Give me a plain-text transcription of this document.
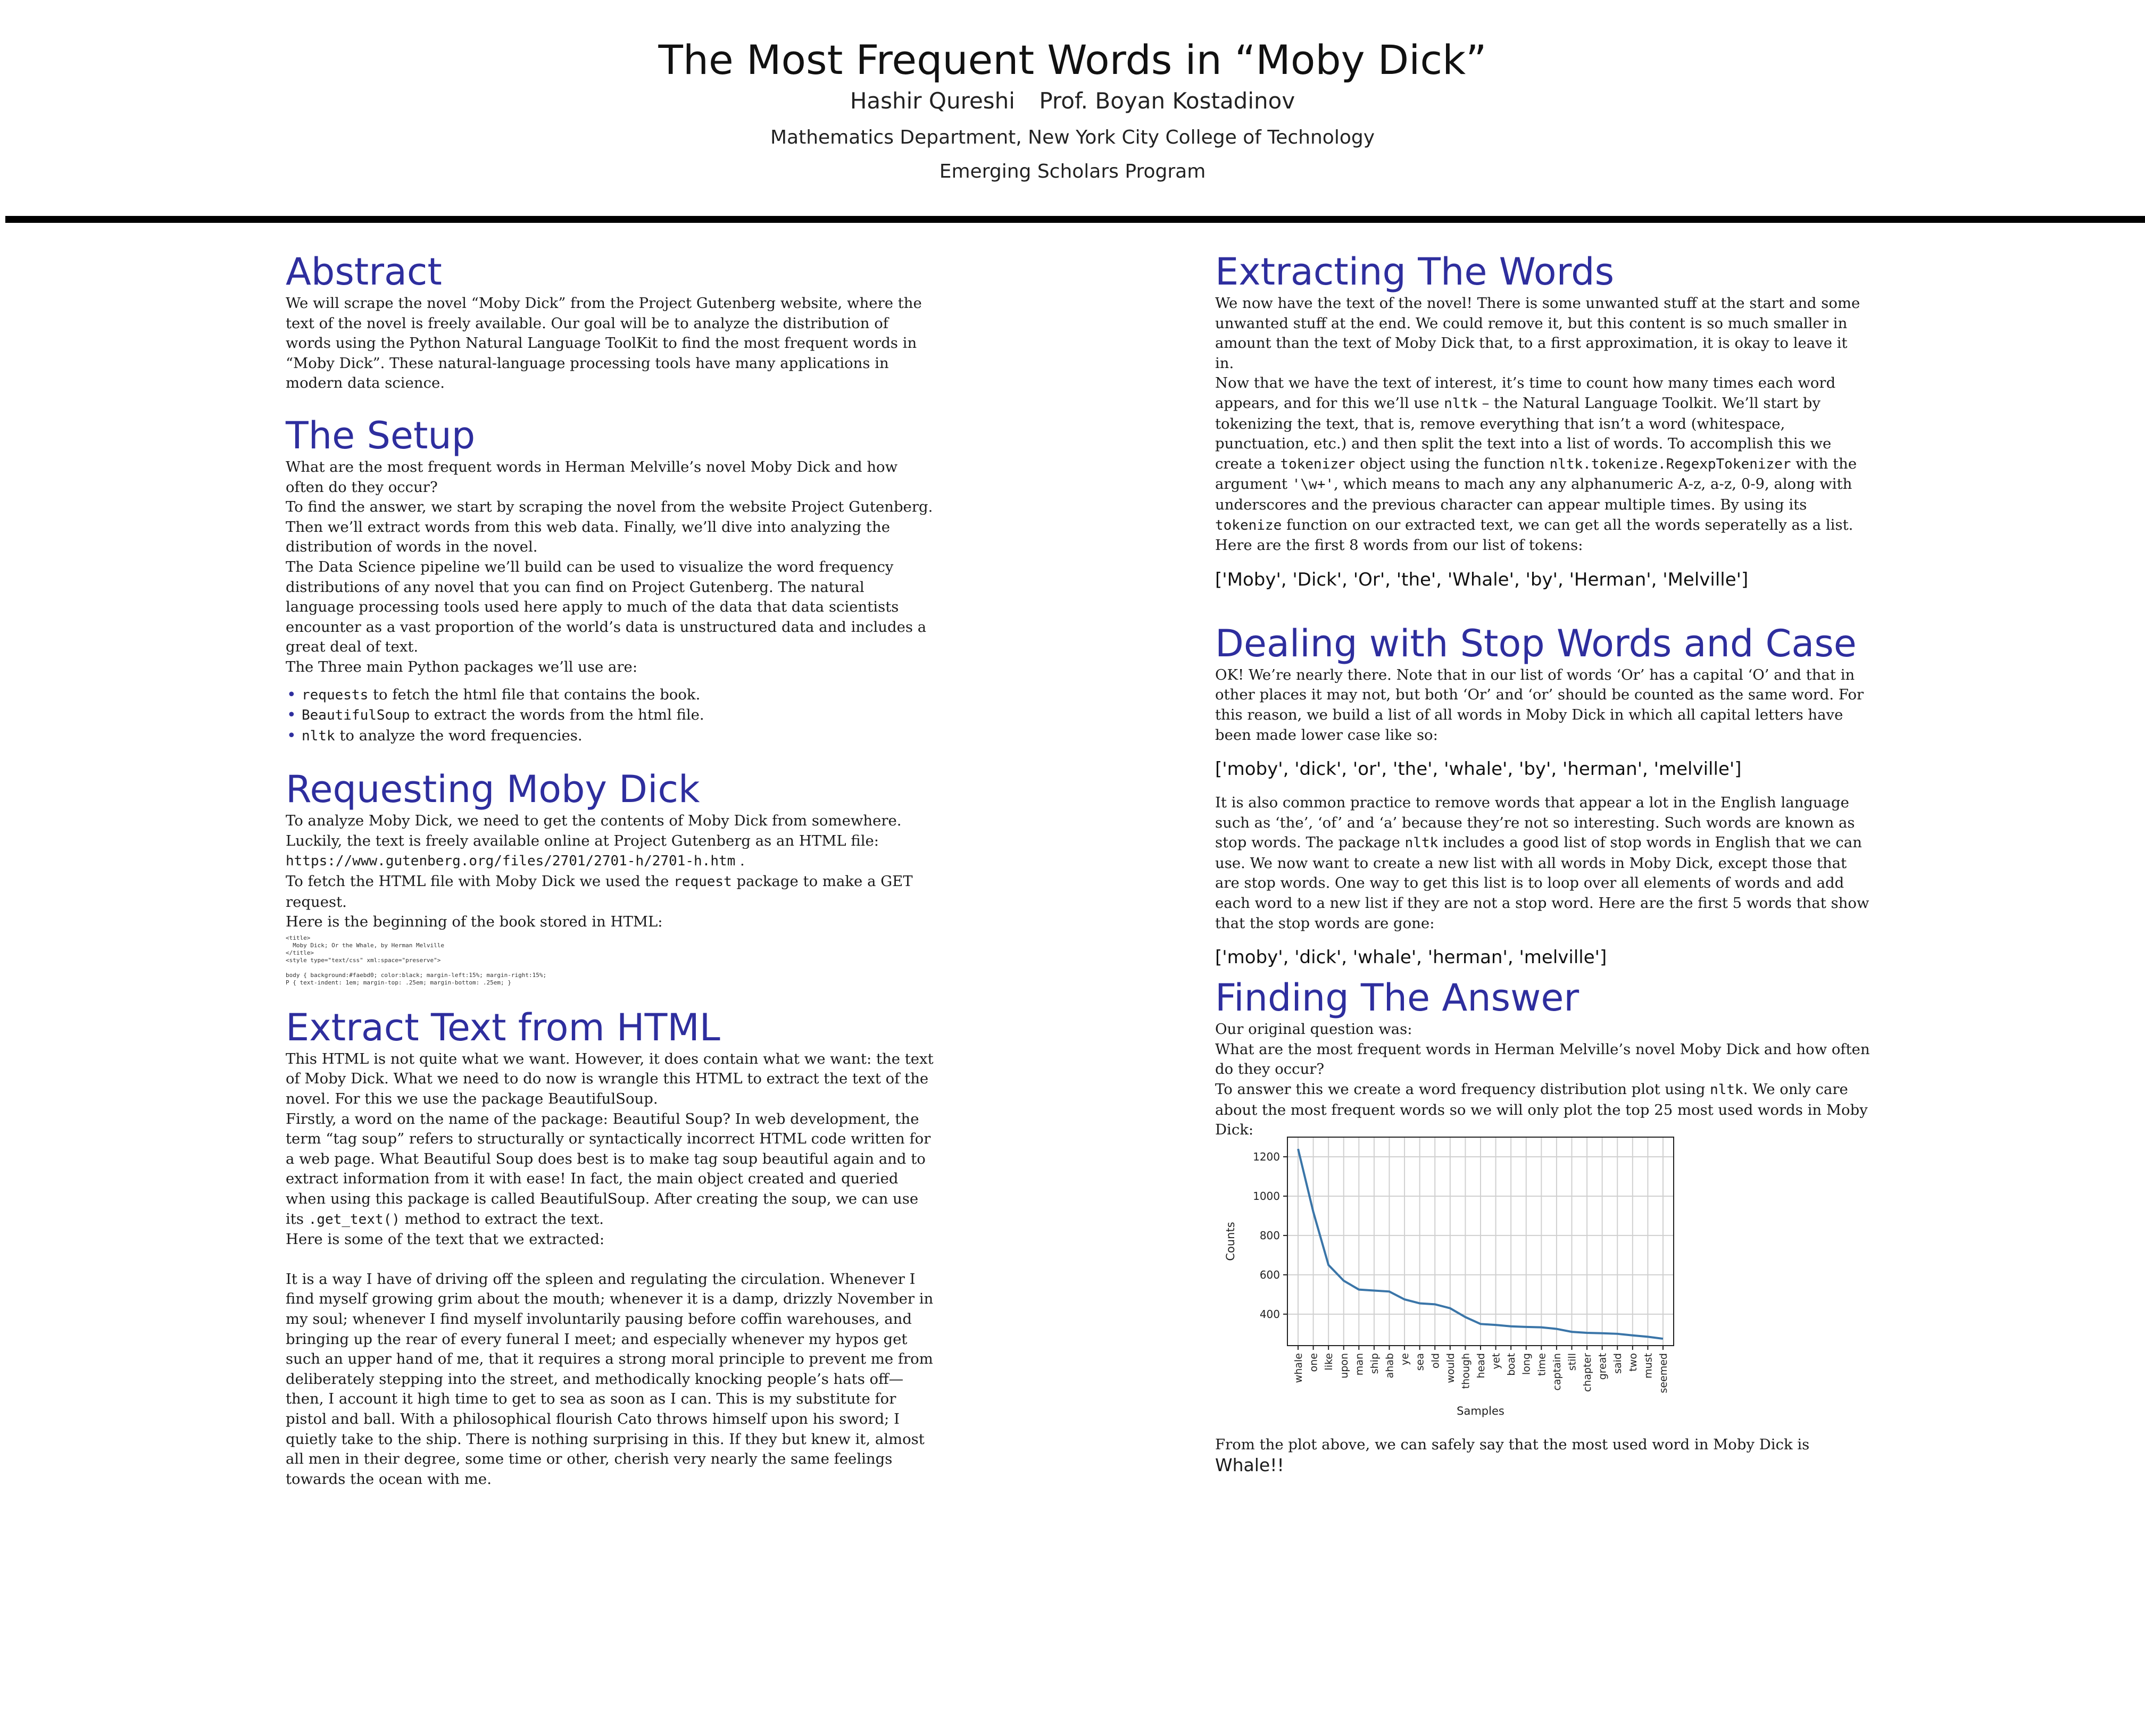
The Most Frequent Words in “Moby Dick”
Hashir Qureshi Prof. Boyan Kostadinov
Mathematics Department, New York City College of Technology
Emerging Scholars Program
Abstract

We will scrape the novel “Moby Dick” from the Project Gutenberg website, where the text of the novel is freely available. Our goal will be to analyze the distribution of words using the Python Natural Language ToolKit to find the most frequent words in “Moby Dick”. These natural-language processing tools have many applications in modern data science.

The Setup

What are the most frequent words in Herman Melville’s novel Moby Dick and how often do they occur?

To find the answer, we start by scraping the novel from the website Project Gutenberg. Then we’ll extract words from this web data. Finally, we’ll dive into analyzing the distribution of words in the novel.

The Data Science pipeline we’ll build can be used to visualize the word frequency distributions of any novel that you can find on Project Gutenberg. The natural language processing tools used here apply to much of the data that data scientists encounter as a vast proportion of the world’s data is unstructured data and includes a great deal of text.

The Three main Python packages we’ll use are:

• requests to fetch the html file that contains the book.
• BeautifulSoup to extract the words from the html file.
• nltk to analyze the word frequencies.
Requesting Moby Dick

To analyze Moby Dick, we need to get the contents of Moby Dick from somewhere. Luckily, the text is freely available online at Project Gutenberg as an HTML file:

https://www.gutenberg.org/files/2701/2701-h/2701-h.htm .

To fetch the HTML file with Moby Dick we used the request package to make a GET request.

Here is the beginning of the book stored in HTML:

<title>
Moby Dick; Or the Whale, by Herman Melville
</title>
<style type="text/css" xml:space="preserve">

body { background:#faebd0; color:black; margin-left:15%; margin-right:15%;
P { text-indent: 1em; margin-top: .25em; margin-bottom: .25em; }
Extract Text from HTML

This HTML is not quite what we want. However, it does contain what we want: the text of Moby Dick. What we need to do now is wrangle this HTML to extract the text of the novel. For this we use the package BeautifulSoup.

Firstly, a word on the name of the package: Beautiful Soup? In web development, the term “tag soup” refers to structurally or syntactically incorrect HTML code written for a web page. What Beautiful Soup does best is to make tag soup beautiful again and to extract information from it with ease! In fact, the main object created and queried when using this package is called BeautifulSoup. After creating the soup, we can use its .get_text() method to extract the text.

Here is some of the text that we extracted:

It is a way I have of driving off the spleen and regulating the circulation. Whenever I find myself growing grim about the mouth; whenever it is a damp, drizzly November in my soul; whenever I find myself involuntarily pausing before coffin warehouses, and bringing up the rear of every funeral I meet; and especially whenever my hypos get such an upper hand of me, that it requires a strong moral principle to prevent me from deliberately stepping into the street, and methodically knocking people’s hats off—then, I account it high time to get to sea as soon as I can. This is my substitute for pistol and ball. With a philosophical flourish Cato throws himself upon his sword; I quietly take to the ship. There is nothing surprising in this. If they but knew it, almost all men in their degree, some time or other, cherish very nearly the same feelings towards the ocean with me.

Extracting The Words

We now have the text of the novel! There is some unwanted stuff at the start and some unwanted stuff at the end. We could remove it, but this content is so much smaller in amount than the text of Moby Dick that, to a first approximation, it is okay to leave it in.

Now that we have the text of interest, it’s time to count how many times each word appears, and for this we’ll use nltk – the Natural Language Toolkit. We’ll start by tokenizing the text, that is, remove everything that isn’t a word (whitespace, punctuation, etc.) and then split the text into a list of words. To accomplish this we create a tokenizer object using the function nltk.tokenize.RegexpTokenizer with the argument '\w+', which means to mach any any alphanumeric A-z, a-z, 0-9, along with underscores and the previous character can appear multiple times. By using its tokenize function on our extracted text, we can get all the words seperatelly as a list.

Here are the first 8 words from our list of tokens:

['Moby', 'Dick', 'Or', 'the', 'Whale', 'by', 'Herman', 'Melville']
Dealing with Stop Words and Case

OK! We’re nearly there. Note that in our list of words ‘Or’ has a capital ‘O’ and that in other places it may not, but both ‘Or’ and ‘or’ should be counted as the same word. For this reason, we build a list of all words in Moby Dick in which all capital letters have been made lower case like so:

['moby', 'dick', 'or', 'the', 'whale', 'by', 'herman', 'melville']

It is also common practice to remove words that appear a lot in the English language such as ‘the’, ‘of’ and ‘a’ because they’re not so interesting. Such words are known as stop words. The package nltk includes a good list of stop words in English that we can use. We now want to create a new list with all words in Moby Dick, except those that are stop words. One way to get this list is to loop over all elements of words and add each word to a new list if they are not a stop word. Here are the first 5 words that show that the stop words are gone:

['moby', 'dick', 'whale', 'herman', 'melville']
Finding The Answer

Our original question was:

What are the most frequent words in Herman Melville’s novel Moby Dick and how often do they occur?

To answer this we create a word frequency distribution plot using nltk. We only care about the most frequent words so we will only plot the top 25 most used words in Moby Dick:

400
600
800
1000
1200
whale one like upon man ship ahab ye sea old would though head yet boat long time captain still chapter great said two must seemed
Counts
Samples

From the plot above, we can safely say that the most used word in Moby Dick is Whale!!
